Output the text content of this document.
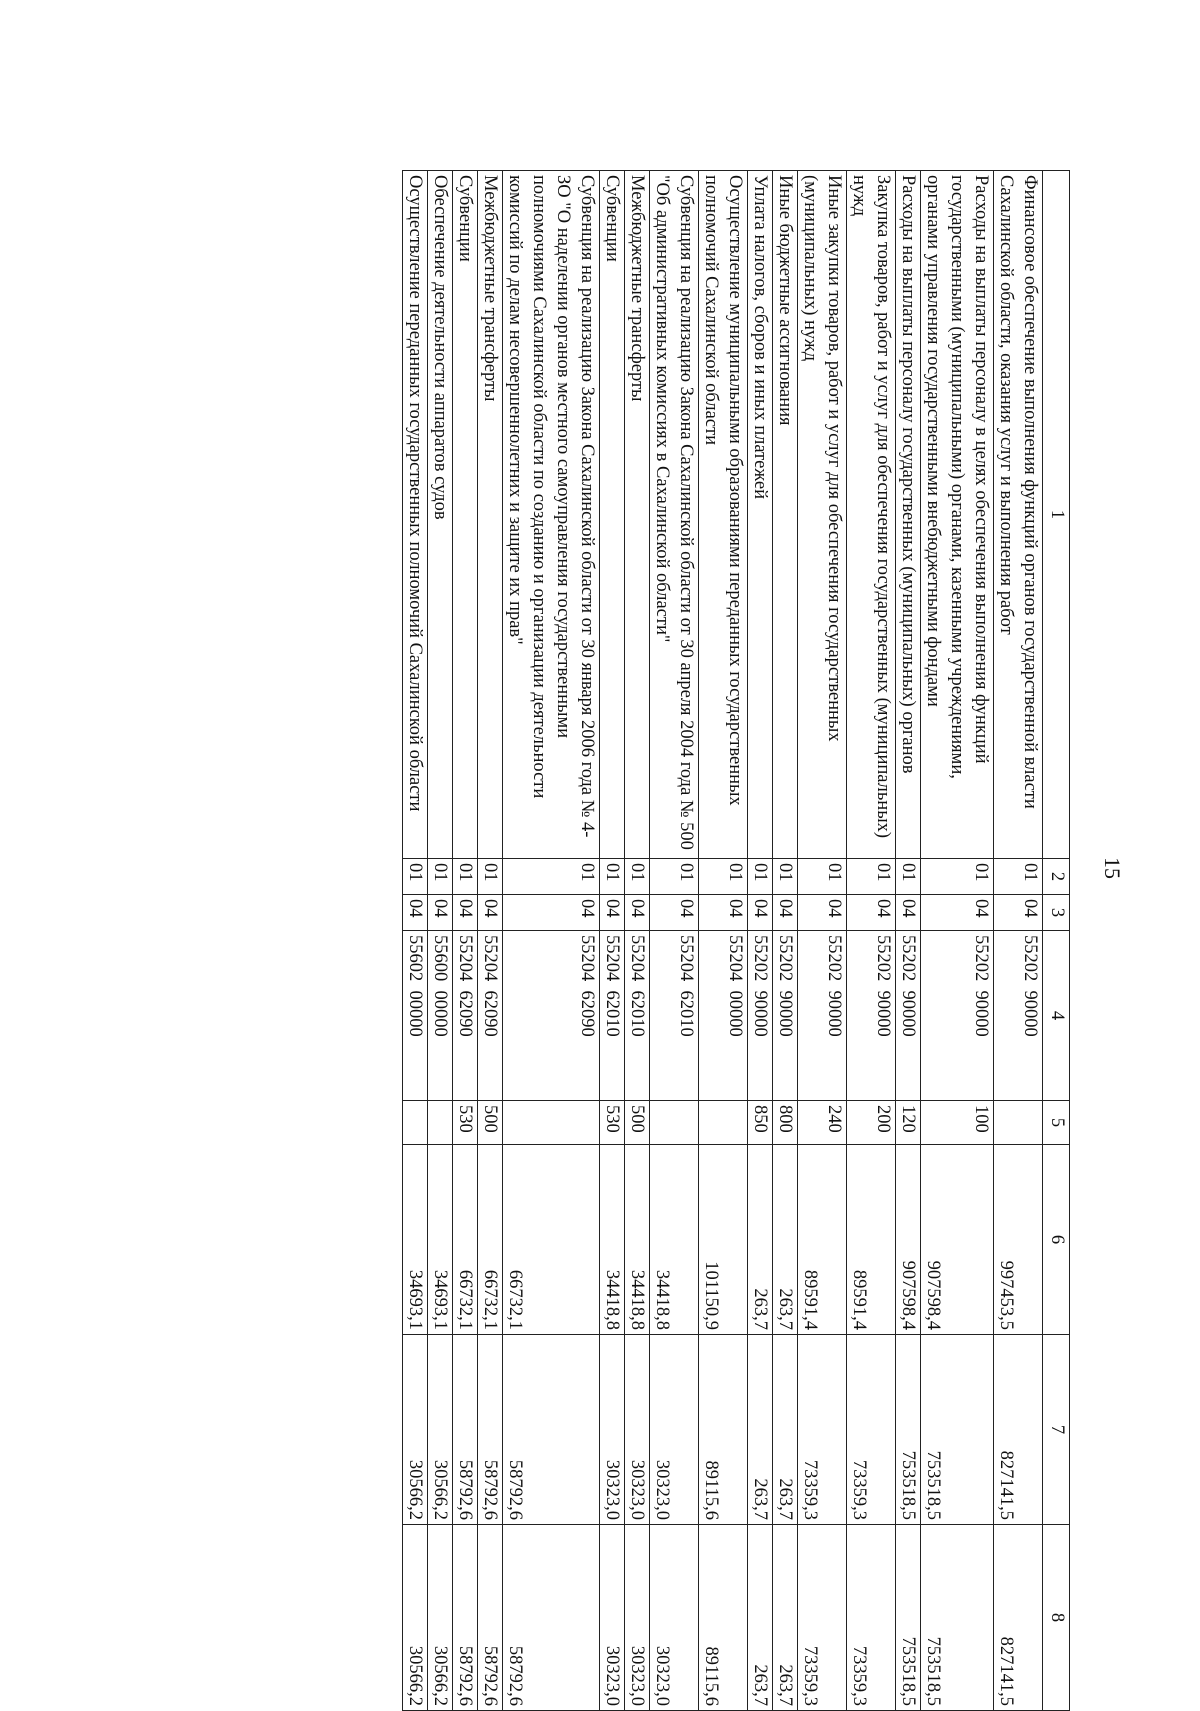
15
1	2	3	4	5	6	7	8
Финансовое обеспечение выполнения функций органов государственной власти Сахалинской области, оказания услуг и выполнения работ	01	04	55202  90000		997453,5	827141,5	827141,5
Расходы на выплаты персоналу в целях обеспечения выполнения функций государственными (муниципальными) органами, казенными учреждениями, органами управления государственными внебюджетными фондами	01	04	55202  90000	100	907598,4	753518,5	753518,5
Расходы на выплаты персоналу государственных (муниципальных) органов	01	04	55202  90000	120	907598,4	753518,5	753518,5
Закупка товаров, работ и услуг для обеспечения государственных (муниципальных) нужд	01	04	55202  90000	200	89591,4	73359,3	73359,3
Иные закупки товаров, работ и услуг для обеспечения государственных (муниципальных) нужд	01	04	55202  90000	240	89591,4	73359,3	73359,3
Иные бюджетные ассигнования	01	04	55202  90000	800	263,7	263,7	263,7
Уплата налогов, сборов и иных платежей	01	04	55202  90000	850	263,7	263,7	263,7
Осуществление муниципальными образованиями переданных государственных полномочий Сахалинской области	01	04	55204  00000		101150,9	89115,6	89115,6
Субвенция на реализацию Закона Сахалинской области от 30 апреля 2004 года № 500 "Об административных комиссиях в Сахалинской области"	01	04	55204  62010		34418,8	30323,0	30323,0
Межбюджетные трансферты	01	04	55204  62010	500	34418,8	30323,0	30323,0
Субвенции	01	04	55204  62010	530	34418,8	30323,0	30323,0
Субвенция на реализацию Закона Сахалинской области от 30 января 2006 года № 4-ЗО "О наделении органов местного самоуправления государственными полномочиями Сахалинской области по созданию и организации деятельности комиссий по делам несовершеннолетних и защите их прав"	01	04	55204  62090		66732,1	58792,6	58792,6
Межбюджетные трансферты	01	04	55204  62090	500	66732,1	58792,6	58792,6
Субвенции	01	04	55204  62090	530	66732,1	58792,6	58792,6
Обеспечение деятельности аппаратов судов	01	04	55600  00000		34693,1	30566,2	30566,2
Осуществление переданных государственных полномочий Сахалинской области	01	04	55602  00000		34693,1	30566,2	30566,2
